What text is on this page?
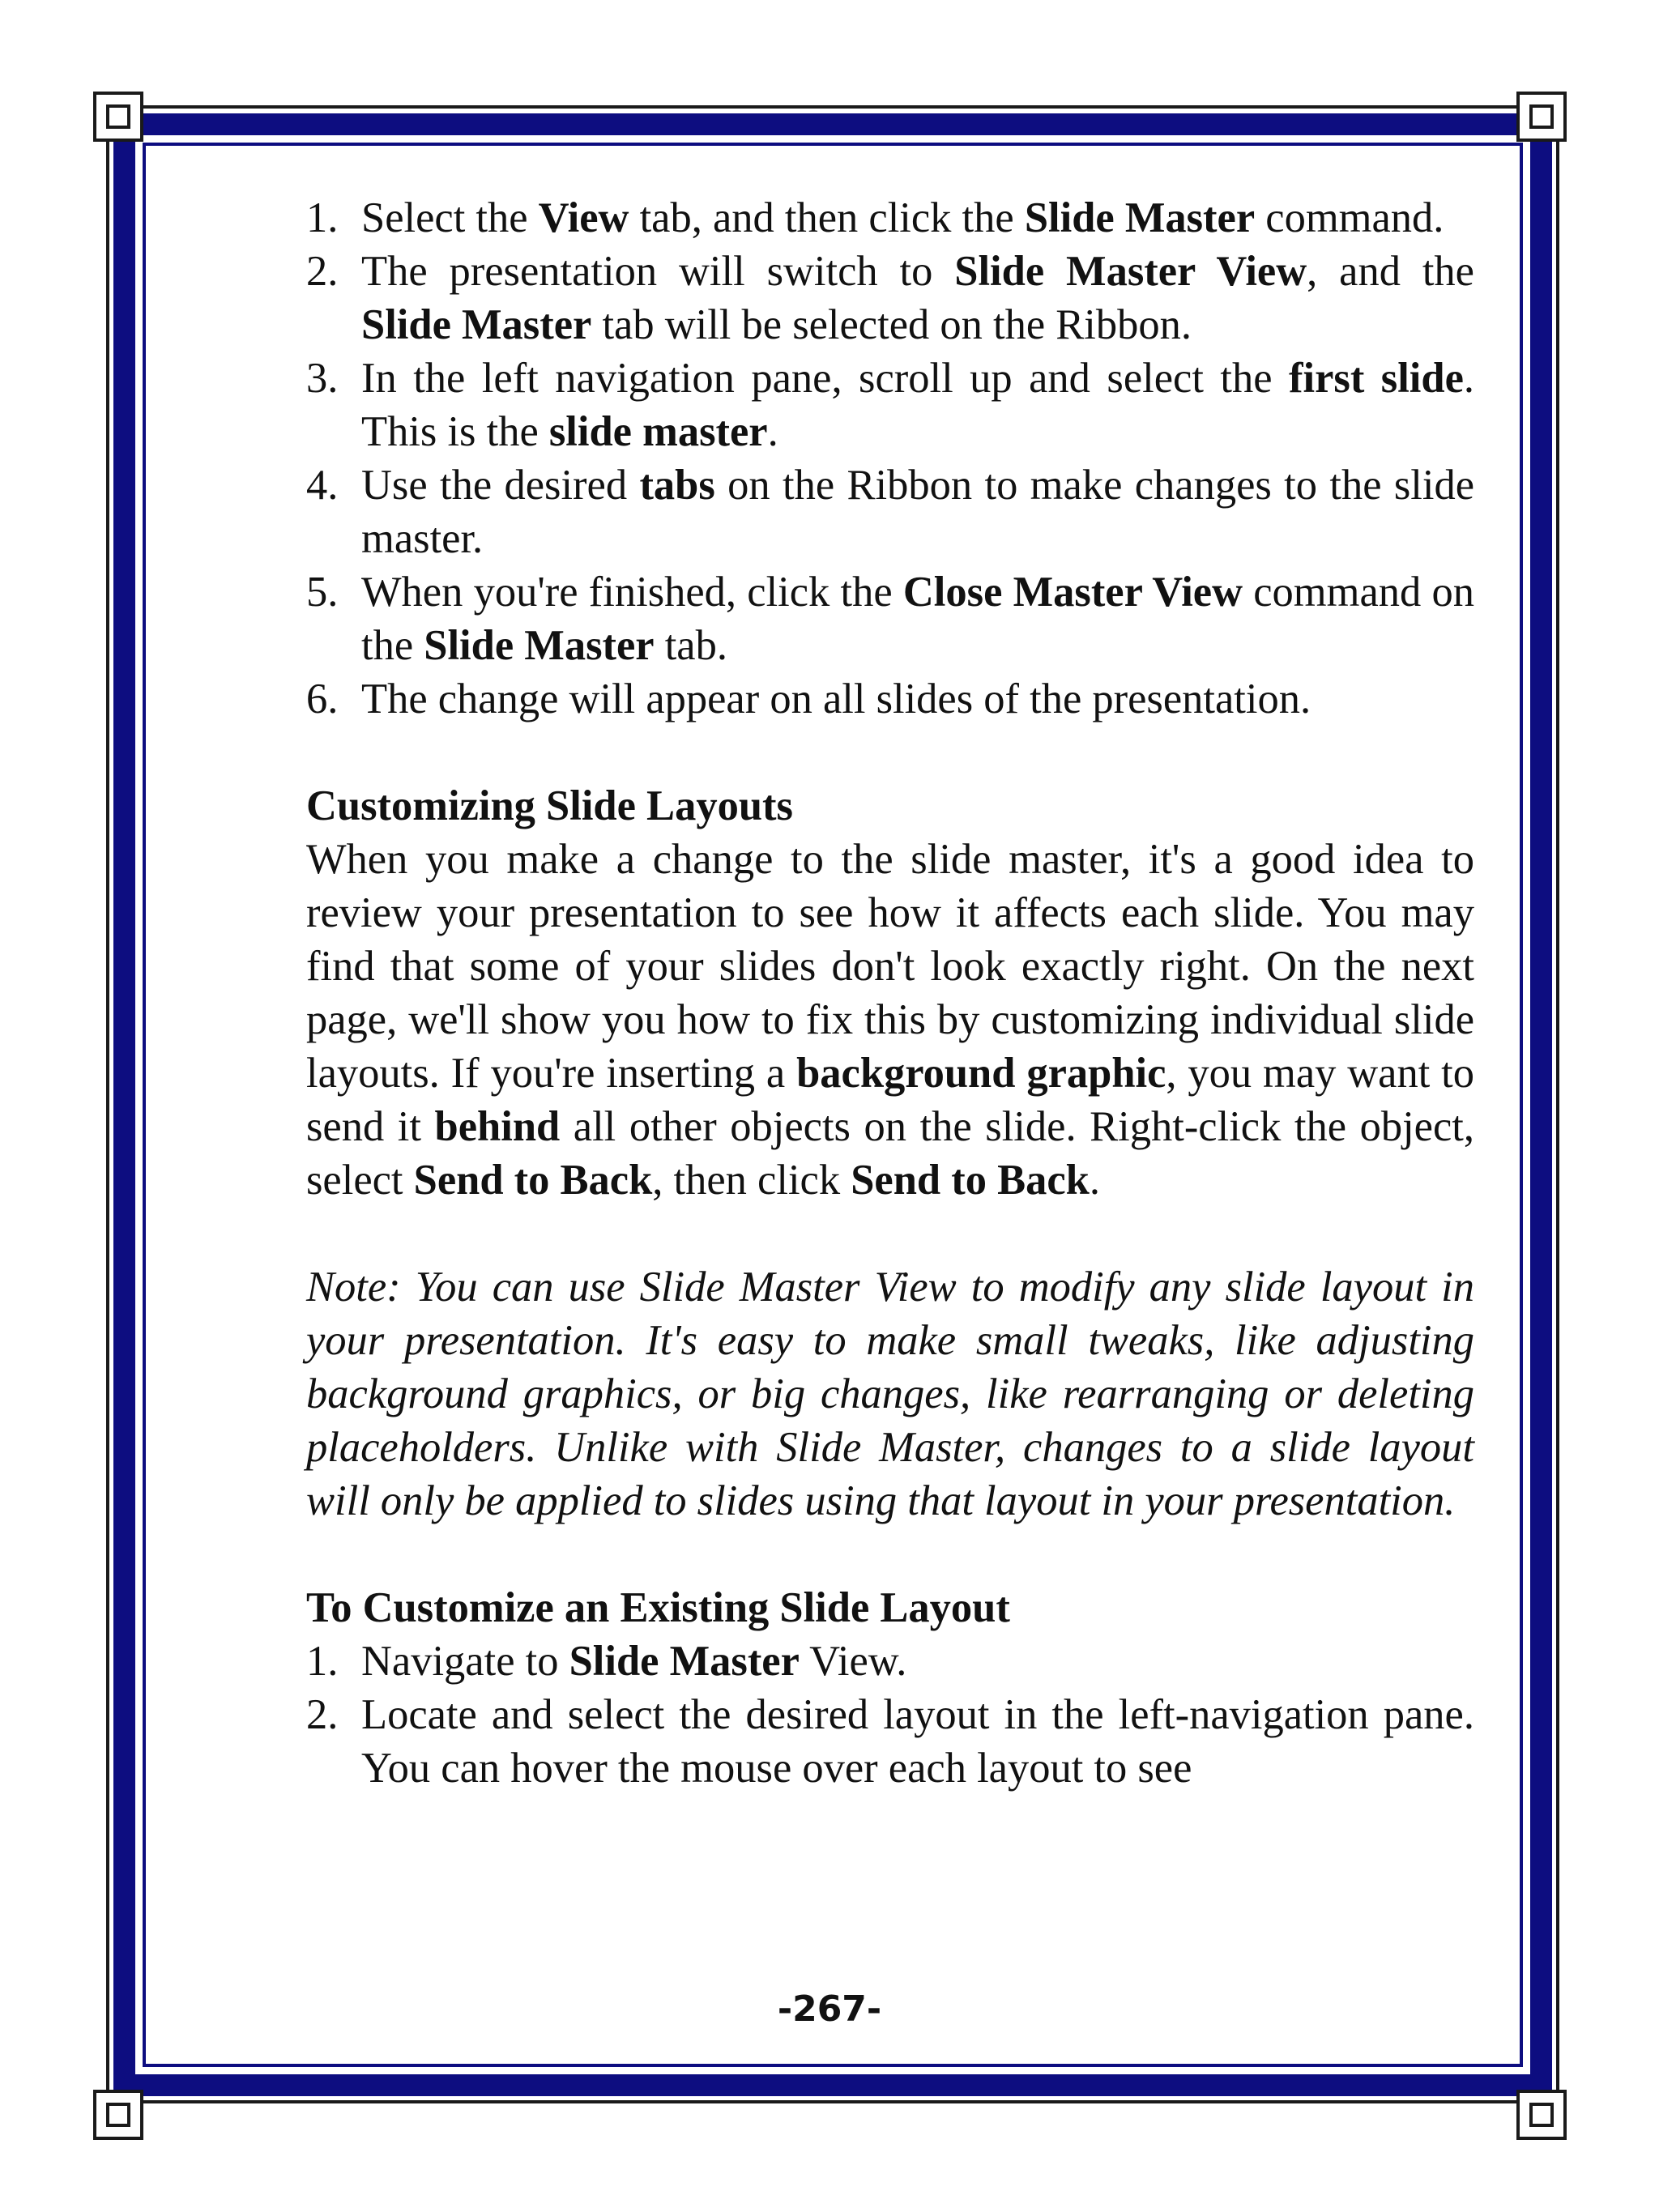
1. Select the View tab, and then click the Slide Master command.
2. The presentation will switch to Slide Master View, and the Slide Master tab will be selected on the Ribbon.
3. In the left navigation pane, scroll up and select the first slide. This is the slide master.
4. Use the desired tabs on the Ribbon to make changes to the slide master.
5. When you're finished, click the Close Master View command on the Slide Master tab.
6. The change will appear on all slides of the presentation.

Customizing Slide Layouts

When you make a change to the slide master, it's a good idea to review your presentation to see how it affects each slide. You may find that some of your slides don't look exactly right. On the next page, we'll show you how to fix this by customizing individual slide layouts. If you're inserting a background graphic, you may want to send it behind all other objects on the slide. Right-click the object, select Send to Back, then click Send to Back.

Note: You can use Slide Master View to modify any slide layout in your presentation. It's easy to make small tweaks, like adjusting background graphics, or big changes, like rearranging or deleting placeholders. Unlike with Slide Master, changes to a slide layout will only be applied to slides using that layout in your presentation.

To Customize an Existing Slide Layout

1. Navigate to Slide Master View.
2. Locate and select the desired layout in the left-navigation pane. You can hover the mouse over each layout to see
-267-
